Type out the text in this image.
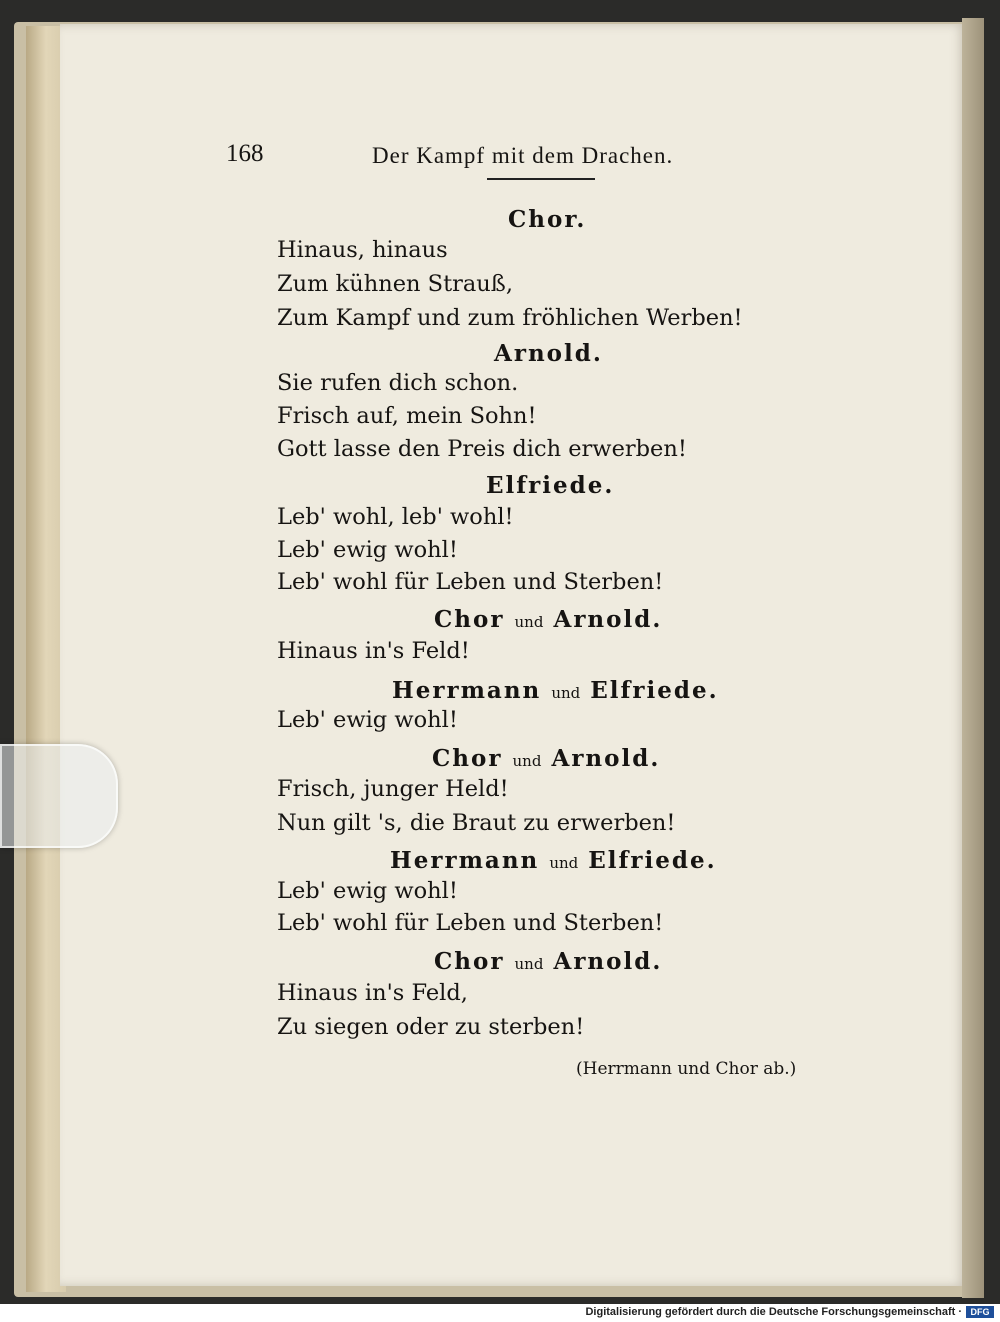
168	Der Kampf mit dem Drachen.
Chor.
Hinaus, hinaus
Zum kühnen Strauß,
Zum Kampf und zum fröhlichen Werben!
Arnold.
Sie rufen dich schon.
Frisch auf, mein Sohn!
Gott lasse den Preis dich erwerben!
Elfriede.
Leb' wohl, leb' wohl!
Leb' ewig wohl!
Leb' wohl für Leben und Sterben!
Chor und Arnold.
Hinaus in's Feld!
Herrmann und Elfriede.
Leb' ewig wohl!
Chor und Arnold.
Frisch, junger Held!
Nun gilt 's, die Braut zu erwerben!
Herrmann und Elfriede.
Leb' ewig wohl!
Leb' wohl für Leben und Sterben!
Chor und Arnold.
Hinaus in's Feld,
Zu siegen oder zu sterben!
(Herrmann und Chor ab.)
Digitalisierung gefördert durch die Deutsche Forschungsgemeinschaft · DFG
